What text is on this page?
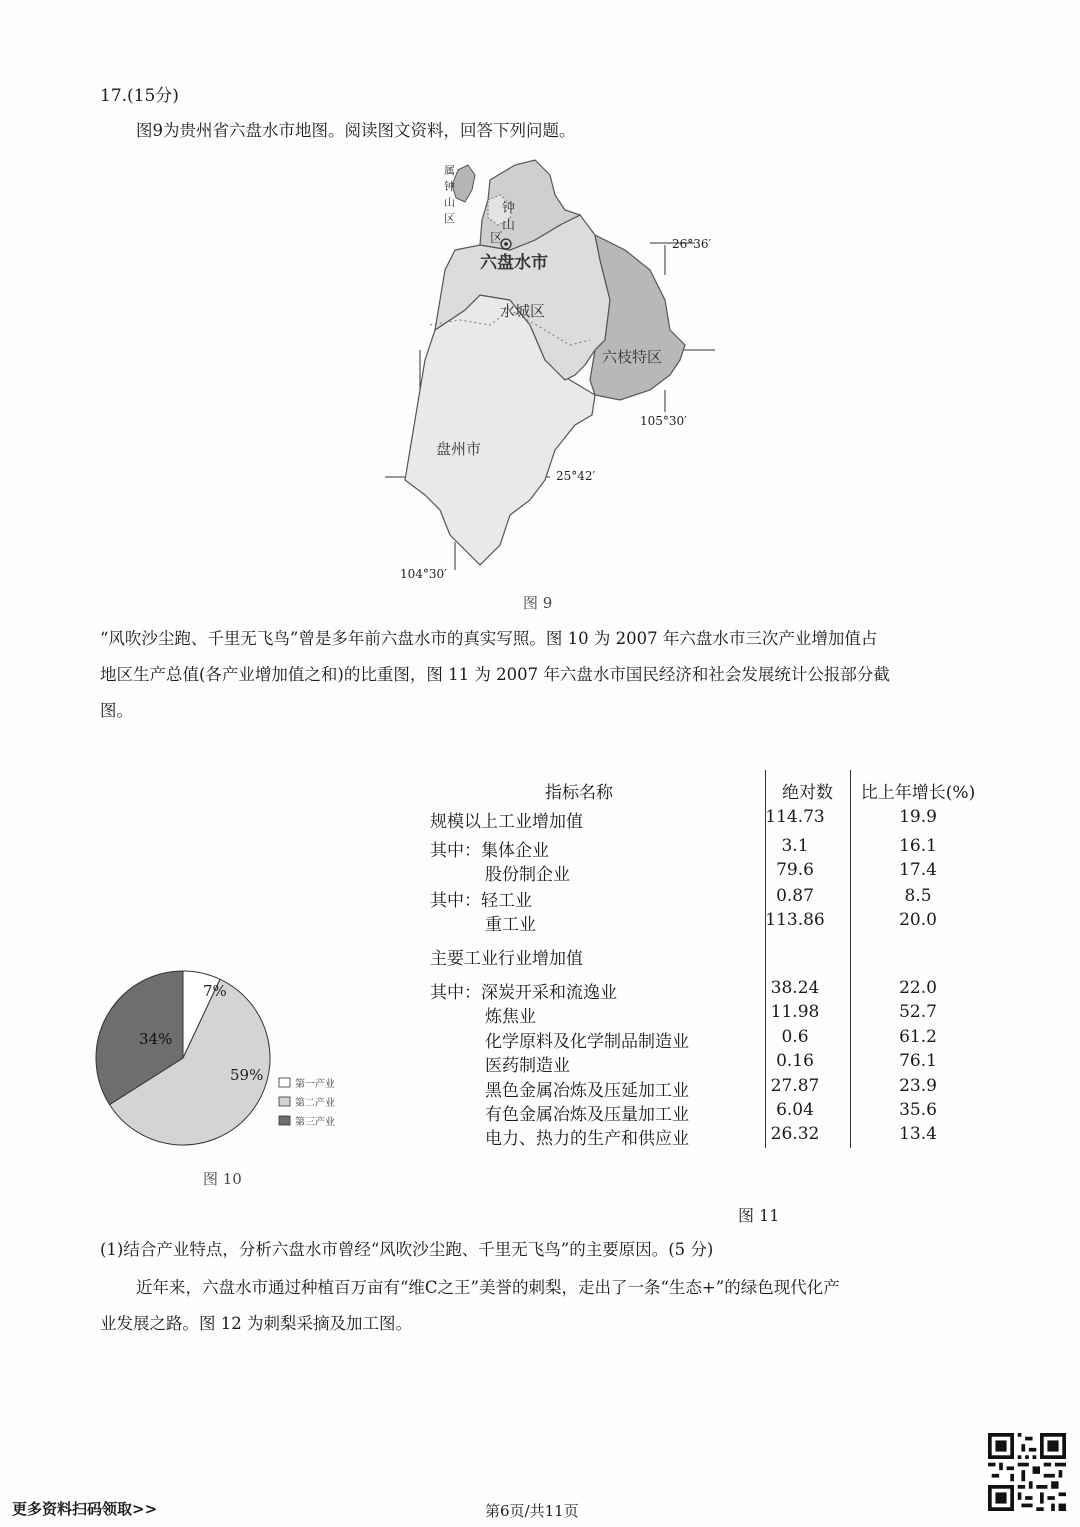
17.(15分)
图9为贵州省六盘水市地图。阅读图文资料，回答下列问题。
属
钟
山
区
钟
山
区
六盘水市
水城区
六枝特区
盘州市
26°36′
25°42′
105°30′
104°30′
图 9
“风吹沙尘跑、千里无飞鸟”曾是多年前六盘水市的真实写照。图 10 为 2007 年六盘水市三次产业增加值占
地区生产总值(各产业增加值之和)的比重图，图 11 为 2007 年六盘水市国民经济和社会发展统计公报部分截
图。
7%
59%
34%
第一产业
第二产业
第三产业
图 10
指标名称	绝对数	比上年增长(%)
规模以上工业增加值	114.73	19.9
其中：集体企业	3.1	16.1
股份制企业	79.6	17.4
其中：轻工业	0.87	8.5
重工业	113.86	20.0
主要工业行业增加值
其中：深炭开采和流逸业	38.24	22.0
炼焦业	11.98	52.7
化学原料及化学制品制造业	0.6	61.2
医药制造业	0.16	76.1
黑色金属冶炼及压延加工业	27.87	23.9
有色金属冶炼及压量加工业	6.04	35.6
电力、热力的生产和供应业	26.32	13.4
图 11
(1)结合产业特点，分析六盘水市曾经“风吹沙尘跑、千里无飞鸟”的主要原因。(5 分)
近年来，六盘水市通过种植百万亩有“维C之王”美誉的刺梨，走出了一条“生态+”的绿色现代化产
业发展之路。图 12 为刺梨采摘及加工图。
更多资料扫码领取>>	第6页/共11页
